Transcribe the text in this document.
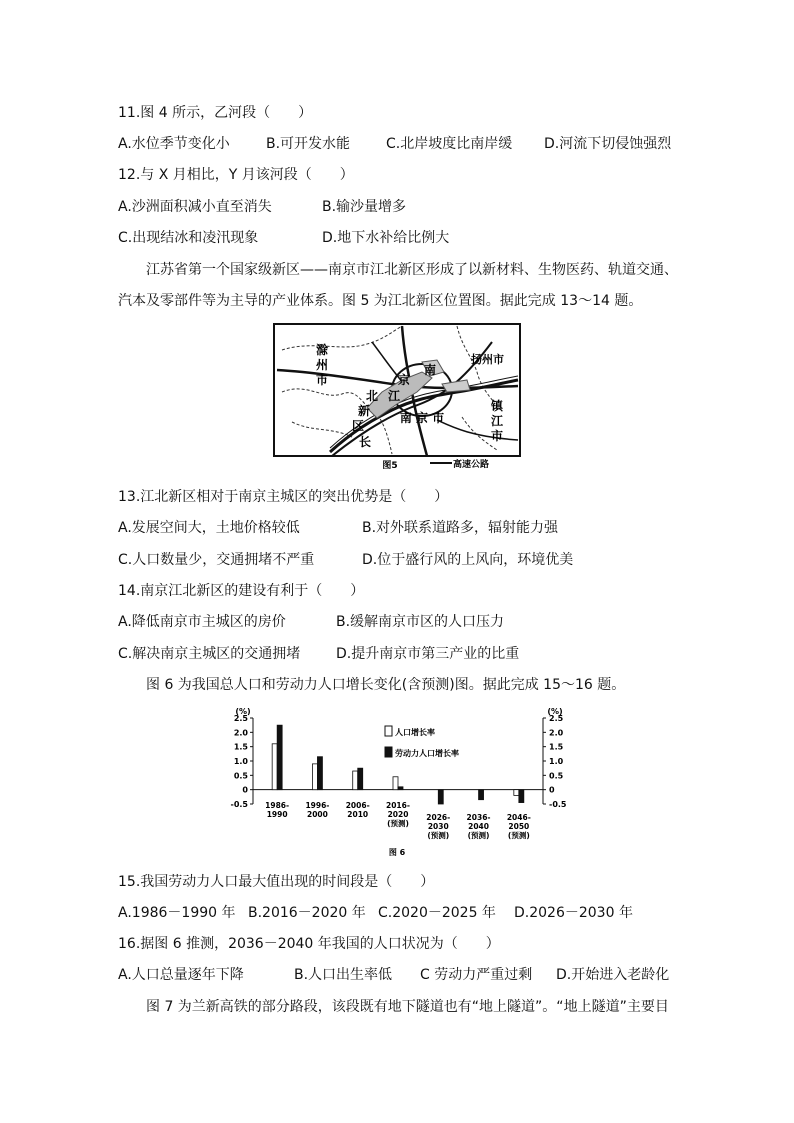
11.图 4 所示，乙河段（　　）
A.水位季节变化小	B.可开发水能	C.北岸坡度比南岸缓 D.河流下切侵蚀强烈
12.与 X 月相比，Y 月该河段（　　）
A.沙洲面积减小直至消失	B.输沙量增多
C.出现结冰和凌汛现象	D.地下水补给比例大
江苏省第一个国家级新区——南京市江北新区形成了以新材料、生物医药、轨道交通、
汽本及零部件等为主导的产业体系。图 5 为江北新区位置图。据此完成 13～14 题。
滁
州
市
扬州市
镇
江
市
南 京 市
北
新
区
南
京
江
长
图5	高速公路
13.江北新区相对于南京主城区的突出优势是（　　）
A.发展空间大，土地价格较低	B.对外联系道路多，辐射能力强
C.人口数量少，交通拥堵不严重	D.位于盛行风的上风向，环境优美
14.南京江北新区的建设有利于（　　）
A.降低南京市主城区的房价	B.缓解南京市区的人口压力
C.解决南京主城区的交通拥堵	D.提升南京市第三产业的比重
图 6 为我国总人口和劳动力人口增长变化(含预测)图。据此完成 15～16 题。
(%)	(%)
2.5	2.5
2.0	2.0
1.5	1.5
1.0	1.0
0.5	0.5
0	0
-0.5	-0.5
1986-
1990
1996-
2000
2006-
2010
2016-
2020
(预测)
2026-
2030
(预测)
2036-
2040
(预测)
2046-
2050
(预测)
人口增长率
劳动力人口增长率
图 6
15.我国劳动力人口最大值出现的时间段是（　　）
A.1986－1990 年 B.2016－2020 年 C.2020－2025 年 D.2026－2030 年
16.据图 6 推测，2036－2040 年我国的人口状况为（　　）
A.人口总量逐年下降	B.人口出生率低 C 劳动力严重过剩 D.开始进入老龄化
图 7 为兰新高铁的部分路段，该段既有地下隧道也有“地上隧道”。“地上隧道”主要目
